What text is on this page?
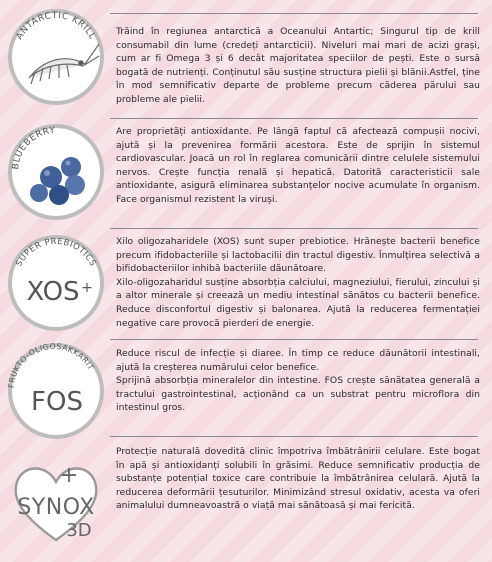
ANTARCTIC KRILL Trăind în regiunea antarctică a Oceanului Antartic; Singurul tip de krill consumabil din lume (credeți antarcticii). Niveluri mai mari de acizi grași, cum ar fi Omega 3 și 6 decât majoritatea speciilor de pești. Este o sursă bogată de nutrienți. Conținutul său susține structura pielii și blănii.Astfel, ține în mod semnificativ departe de probleme precum căderea părului sau probleme ale pielii.

BLUEBERRY	Are proprietăți antioxidante. Pe lângă faptul că afectează compușii nocivi, ajută și la prevenirea formării acestora. Este de sprijin în sistemul cardiovascular. Joacă un rol în reglarea comunicării dintre celulele sistemului nervos. Crește funcția renală și hepatică. Datorită caracteristicii sale antioxidante, asigură eliminarea substanțelor nocive acumulate în organism. Face organismul rezistent la viruși.

SUPER PREBIOTICS
XOS +

Xilo oligozaharidele (XOS) sunt super prebiotice. Hrănește bacterii benefice precum ifidobacteriile și lactobacilii din tractul digestiv. Înmulțirea selectivă a bifidobacteriilor inhibă bacteriile dăunătoare.

Xilo-oligozaharidul susține absorbția calciului, magneziului, fierului, zincului și a altor minerale și creează un mediu intestinal sănătos cu bacterii benefice. Reduce disconfortul digestiv și balonarea. Ajută la reducerea fermentației negative care provocă pierderi de energie.

FRUKTO-OLIGOSAKKARIT
FOS

Reduce riscul de infecție și diaree. În timp ce reduce dăunătorii intestinali, ajută la creșterea numărului celor benefice.

Sprijină absorbția mineralelor din intestine. FOS crește sănătatea generală a tractului gastrointestinal, acționând ca un substrat pentru microflora din intestinul gros.

+
SYNOX
3D

Protecție naturală dovedită clinic împotriva îmbătrânirii celulare. Este bogat în apă și antioxidanți solubili în grăsimi. Reduce semnificativ producția de substanțe potențial toxice care contribuie la îmbătrânirea celulară. Ajută la reducerea deformării țesuturilor. Minimizând stresul oxidativ, acesta va oferi animalului dumneavoastră o viață mai sănătoasă și mai fericită.
